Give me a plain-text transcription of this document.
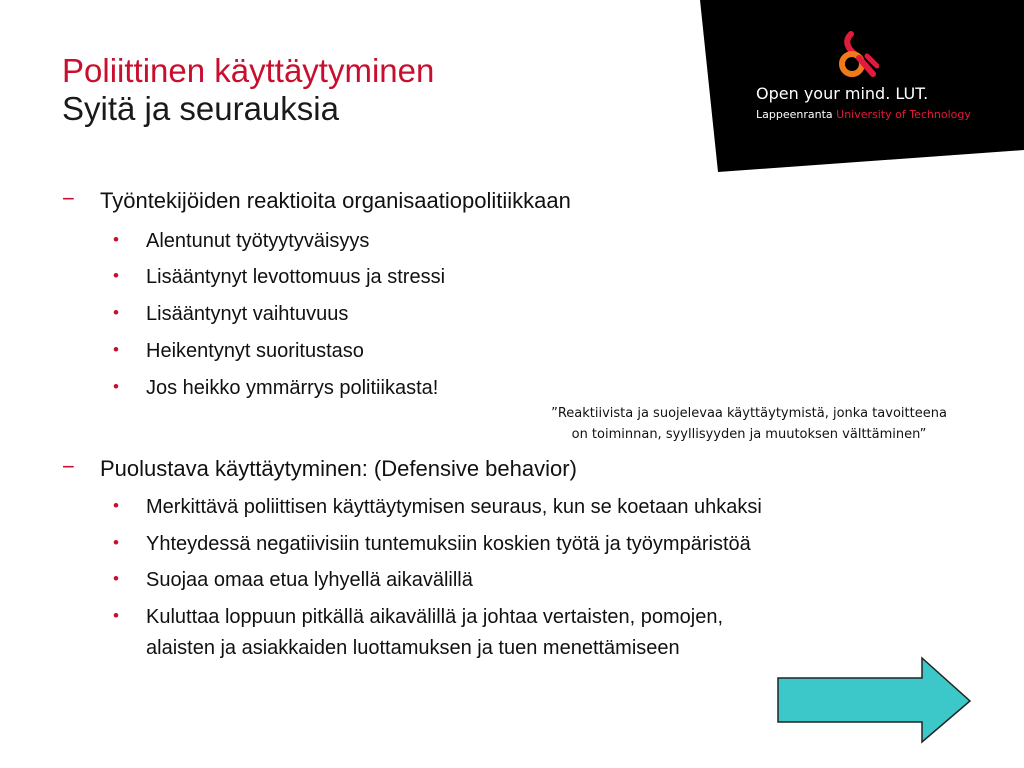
Poliittinen käyttäytyminen
Syitä ja seurauksia	Open your mind. LUT.
Lappeenranta University of Technology
− Työntekijöiden reaktioita organisaatiopolitiikkaan
• Alentunut työtyytyväisyys
• Lisääntynyt levottomuus ja stressi
• Lisääntynyt vaihtuvuus
• Heikentynyt suoritustaso
• Jos heikko ymmärrys politiikasta!
− Puolustava käyttäytyminen: (Defensive behavior)
• Merkittävä poliittisen käyttäytymisen seuraus, kun se koetaan uhkaksi
• Yhteydessä negatiivisiin tuntemuksiin koskien työtä ja työympäristöä
• Suojaa omaa etua lyhyellä aikavälillä
• Kuluttaa loppuun pitkällä aikavälillä ja johtaa vertaisten, pomojen,
alaisten ja asiakkaiden luottamuksen ja tuen menettämiseen
”Reaktiivista ja suojelevaa käyttäytymistä, jonka tavoitteena
on toiminnan, syyllisyyden ja muutoksen välttäminen”
